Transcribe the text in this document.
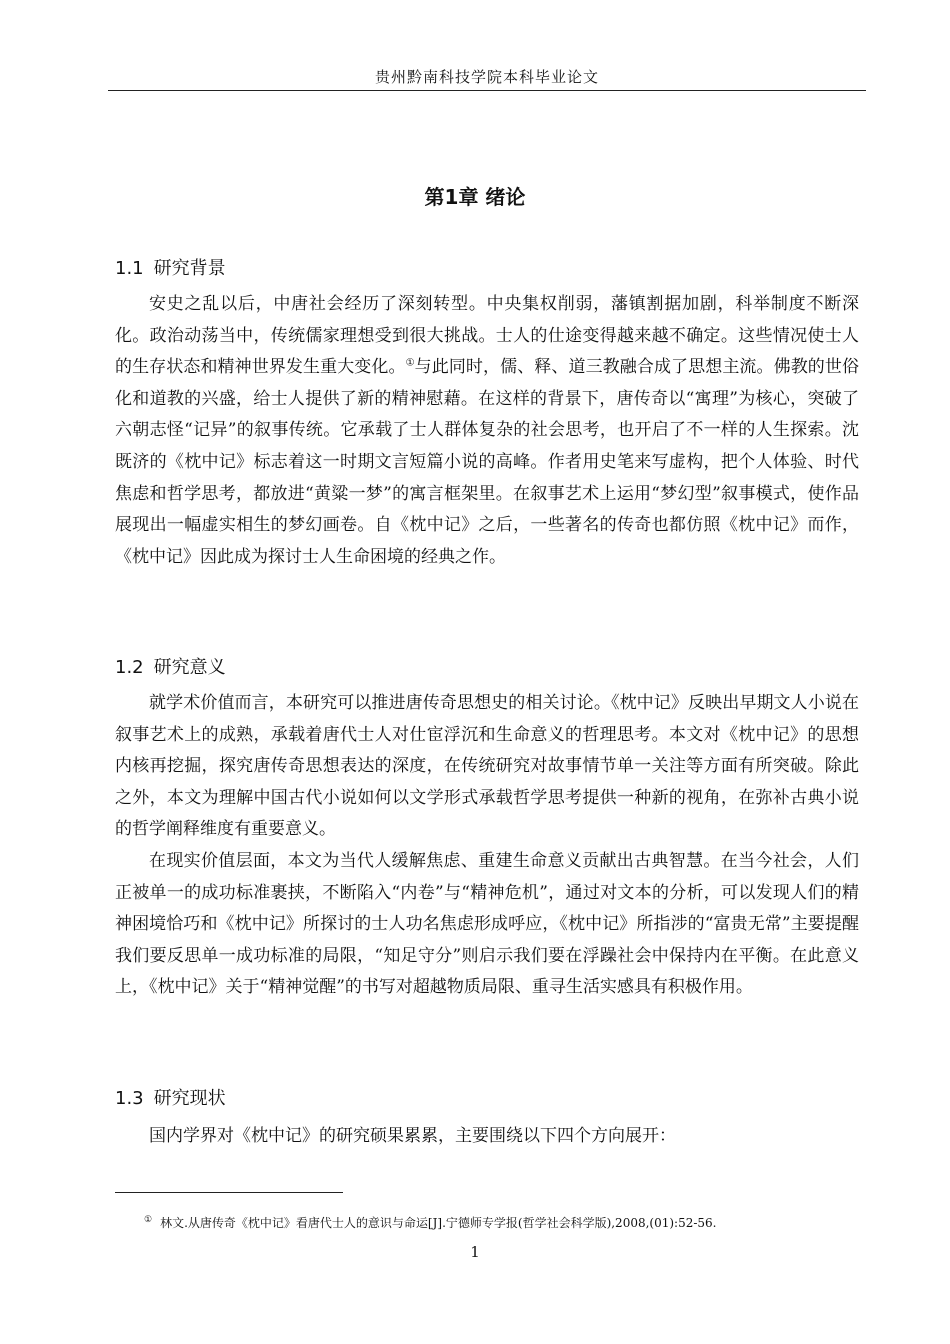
贵州黔南科技学院本科毕业论文
第1章 绪论
1.1 研究背景

安史之乱以后，中唐社会经历了深刻转型。中央集权削弱，藩镇割据加剧，科举制度不断深化。政治动荡当中，传统儒家理想受到很大挑战。士人的仕途变得越来越不确定。这些情况使士人的生存状态和精神世界发生重大变化。①与此同时，儒、释、道三教融合成了思想主流。佛教的世俗化和道教的兴盛，给士人提供了新的精神慰藉。在这样的背景下，唐传奇以“寓理”为核心，突破了六朝志怪“记异”的叙事传统。它承载了士人群体复杂的社会思考，也开启了不一样的人生探索。沈既济的《枕中记》标志着这一时期文言短篇小说的高峰。作者用史笔来写虚构，把个人体验、时代焦虑和哲学思考，都放进“黄粱一梦”的寓言框架里。在叙事艺术上运用“梦幻型”叙事模式，使作品展现出一幅虚实相生的梦幻画卷。自《枕中记》之后，一些著名的传奇也都仿照《枕中记》而作，《枕中记》因此成为探讨士人生命困境的经典之作。

1.2 研究意义

就学术价值而言，本研究可以推进唐传奇思想史的相关讨论。《枕中记》反映出早期文人小说在叙事艺术上的成熟，承载着唐代士人对仕宦浮沉和生命意义的哲理思考。本文对《枕中记》的思想内核再挖掘，探究唐传奇思想表达的深度，在传统研究对故事情节单一关注等方面有所突破。除此之外，本文为理解中国古代小说如何以文学形式承载哲学思考提供一种新的视角，在弥补古典小说的哲学阐释维度有重要意义。

在现实价值层面，本文为当代人缓解焦虑、重建生命意义贡献出古典智慧。在当今社会，人们正被单一的成功标准裹挟，不断陷入“内卷”与“精神危机”，通过对文本的分析，可以发现人们的精神困境恰巧和《枕中记》所探讨的士人功名焦虑形成呼应，《枕中记》所指涉的“富贵无常”主要提醒我们要反思单一成功标准的局限，“知足守分”则启示我们要在浮躁社会中保持内在平衡。在此意义上，《枕中记》关于“精神觉醒”的书写对超越物质局限、重寻生活实感具有积极作用。

1.3 研究现状

国内学界对《枕中记》的研究硕果累累，主要围绕以下四个方向展开：

① 林文.从唐传奇《枕中记》看唐代士人的意识与命运[J].宁德师专学报(哲学社会科学版),2008,(01):52-56.
1
